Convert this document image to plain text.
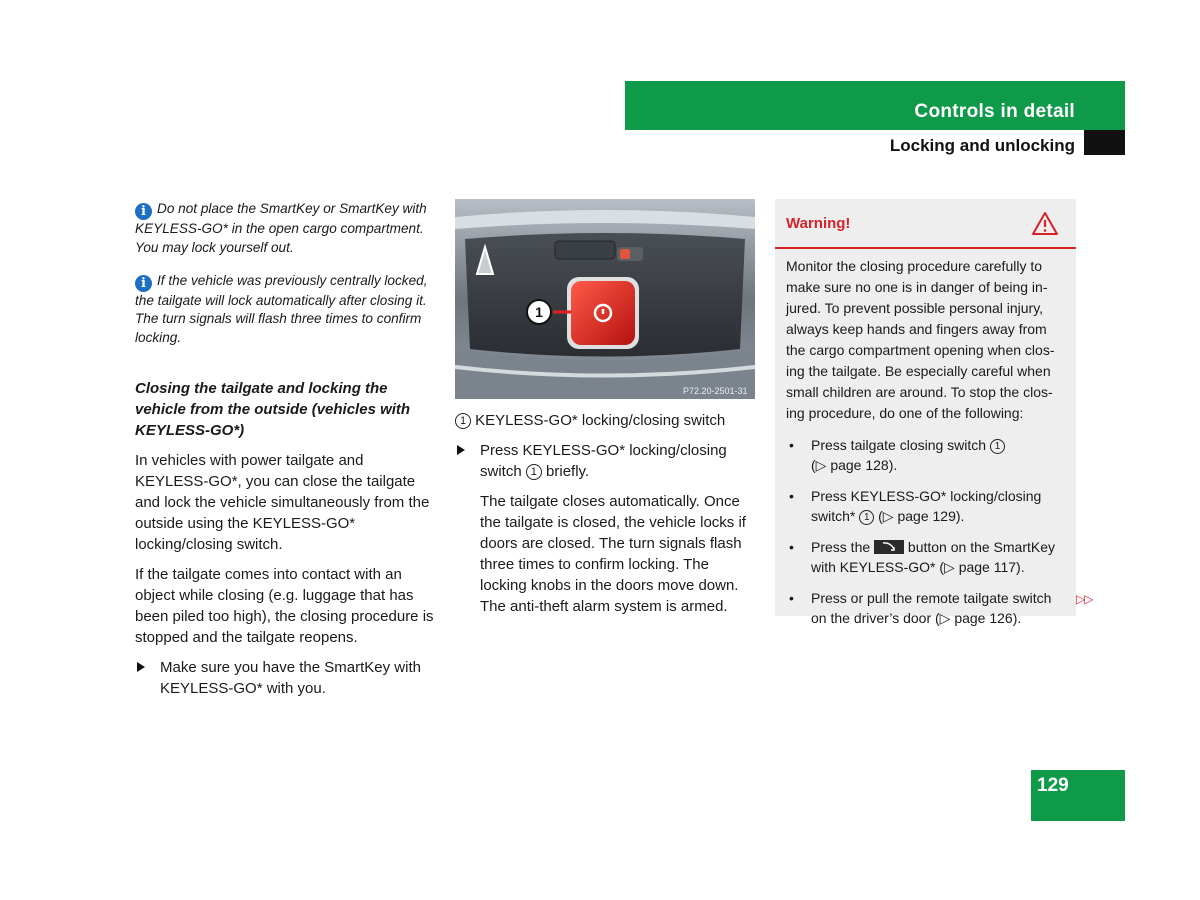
Controls in detail
Locking and unlocking

i Do not place the SmartKey or SmartKey with KEYLESS-GO* in the open cargo compartment. You may lock yourself out.

i If the vehicle was previously centrally locked, the tailgate will lock automatically after closing it. The turn signals will flash three times to confirm locking.

Closing the tailgate and locking the vehicle from the outside (vehicles with KEYLESS-GO*)

In vehicles with power tailgate and KEYLESS-GO*, you can close the tailgate and lock the vehicle simultaneously from the outside using the KEYLESS-GO* locking/closing switch.

If the tailgate comes into contact with an object while closing (e.g. luggage that has been piled too high), the closing procedure is stopped and the tailgate reopens.

Make sure you have the SmartKey with KEYLESS-GO* with you.
1
P72.20-2501-31

1 KEYLESS-GO* locking/closing switch

Press KEYLESS-GO* locking/closing switch 1 briefly.

The tailgate closes automatically. Once the tailgate is closed, the vehicle locks if doors are closed. The turn signals flash three times to confirm locking. The locking knobs in the doors move down. The anti-theft alarm system is armed.

Warning!
Monitor the closing procedure carefully to make sure no one is in danger of being in-jured. To prevent possible personal injury, always keep hands and fingers away from the cargo compartment opening when clos-ing the tailgate. Be especially careful when small children are around. To stop the clos-ing procedure, do one of the following:
• Press tailgate closing switch 1
(▷ page 128).
• Press KEYLESS-GO* locking/closing switch* 1 (▷ page 129).
• Press the	button on the SmartKey with KEYLESS-GO* (▷ page 117).
• Press or pull the remote tailgate switch on the driver’s door (▷ page 126).
▷▷
129
